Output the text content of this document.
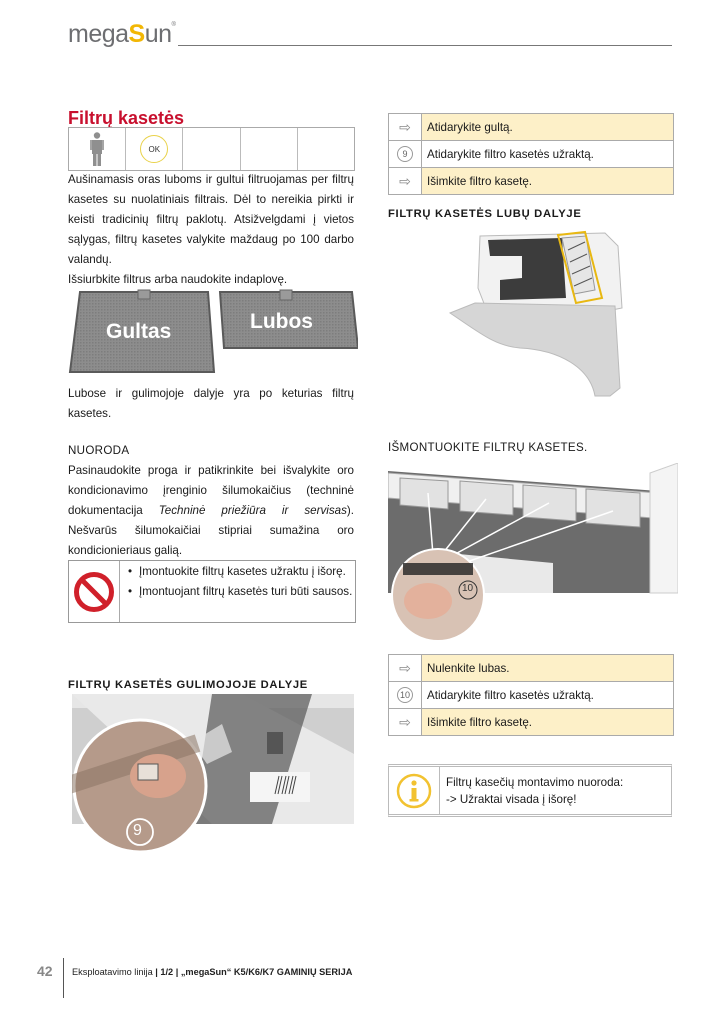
megaSun®
Filtrų kasetės
OK
Aušinamasis oras luboms ir gultui filtruojamas per filtrų kasetes su nuolatiniais filtrais. Dėl to nereikia pirkti ir keisti tradicinių filtrų paklotų. Atsižvelgdami į vietos sąlygas, filtrų kasetes valykite maždaug po 100 darbo valandų.
Išsiurbkite filtrus arba naudokite indaplovę.
Gultas	Lubos
Lubose ir gulimojoje dalyje yra po keturias filtrų kasetes.
NUORODA
Pasinaudokite proga ir patikrinkite bei išvalykite oro kondicionavimo įrenginio šilumokaičius (techninė dokumentacija Techninė priežiūra ir servisas). Nešvarūs šilumokaičiai stipriai sumažina oro kondicionieriaus galią.
• Įmontuokite filtrų kasetes užraktu į išorę.
• Įmontuojant filtrų kasetės turi būti sausos.
FILTRŲ KASETĖS GULIMOJOJE DALYJE
9
⇨	Atidarykite gultą.
9	Atidarykite filtro kasetės užraktą.
⇨	Išimkite filtro kasetę.
FILTRŲ KASETĖS LUBŲ DALYJE
IŠMONTUOKITE FILTRŲ KASETES.
10
⇨	Nulenkite lubas.
10	Atidarykite filtro kasetės užraktą.
⇨	Išimkite filtro kasetę.
Filtrų kasečių montavimo nuoroda:
-> Užraktai visada į išorę!
42 Eksploatavimo linija | 1/2 | „megaSun“ K5/K6/K7 GAMINIŲ SERIJA
